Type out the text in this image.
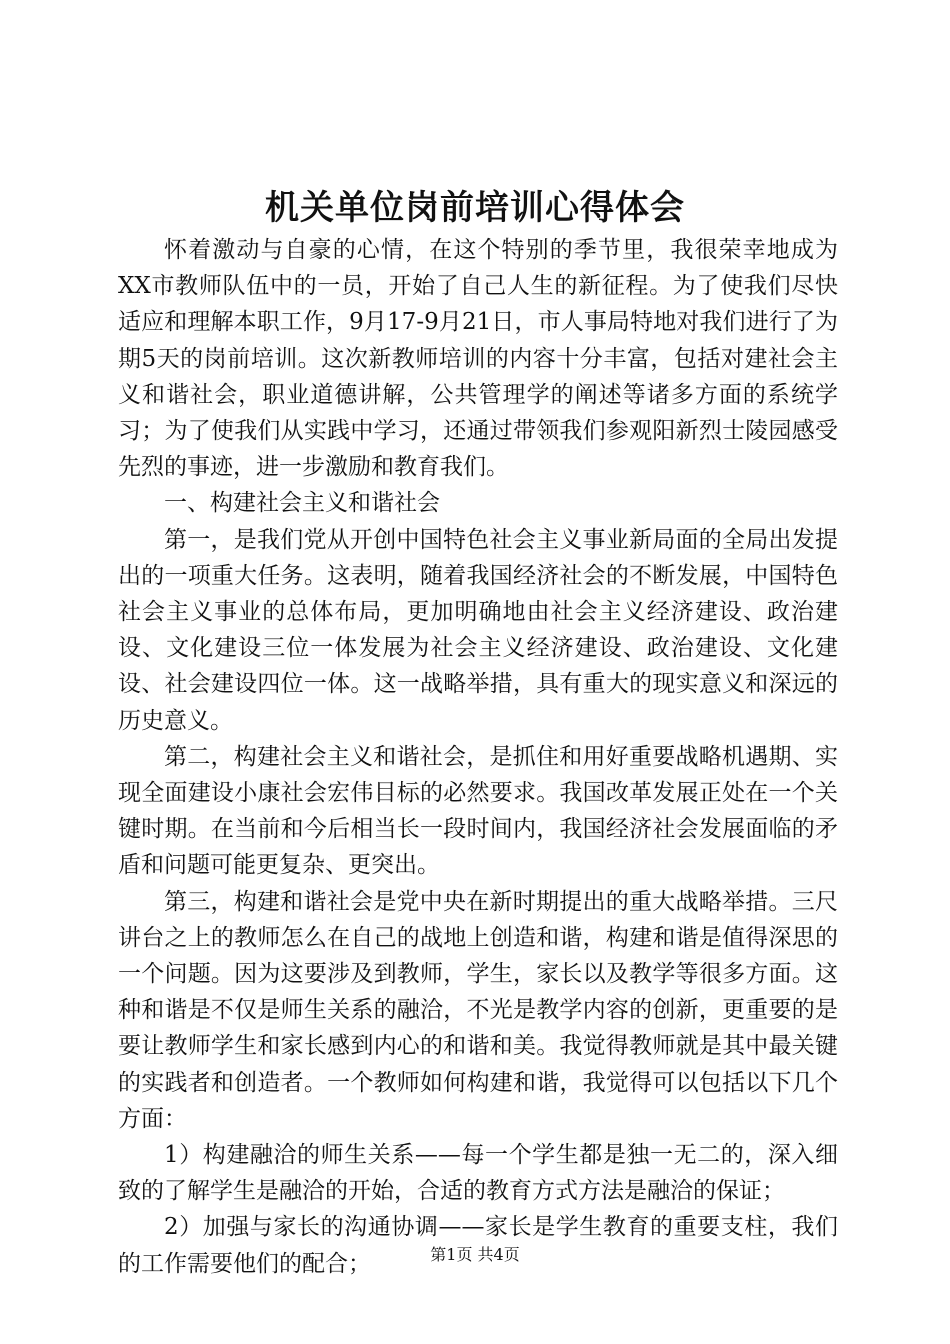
机关单位岗前培训心得体会

怀着激动与自豪的心情，在这个特别的季节里，我很荣幸地成为XX市教师队伍中的一员，开始了自己人生的新征程。为了使我们尽快适应和理解本职工作，9月17-9月21日，市人事局特地对我们进行了为期5天的岗前培训。这次新教师培训的内容十分丰富，包括对建社会主义和谐社会，职业道德讲解，公共管理学的阐述等诸多方面的系统学习；为了使我们从实践中学习，还通过带领我们参观阳新烈士陵园感受先烈的事迹，进一步激励和教育我们。

一、构建社会主义和谐社会

第一，是我们党从开创中国特色社会主义事业新局面的全局出发提出的一项重大任务。这表明，随着我国经济社会的不断发展，中国特色社会主义事业的总体布局，更加明确地由社会主义经济建设、政治建设、文化建设三位一体发展为社会主义经济建设、政治建设、文化建设、社会建设四位一体。这一战略举措，具有重大的现实意义和深远的历史意义。

第二，构建社会主义和谐社会，是抓住和用好重要战略机遇期、实现全面建设小康社会宏伟目标的必然要求。我国改革发展正处在一个关键时期。在当前和今后相当长一段时间内，我国经济社会发展面临的矛盾和问题可能更复杂、更突出。

第三，构建和谐社会是党中央在新时期提出的重大战略举措。三尺讲台之上的教师怎么在自己的战地上创造和谐，构建和谐是值得深思的一个问题。因为这要涉及到教师，学生，家长以及教学等很多方面。这种和谐是不仅是师生关系的融洽，不光是教学内容的创新，更重要的是要让教师学生和家长感到内心的和谐和美。我觉得教师就是其中最关键的实践者和创造者。一个教师如何构建和谐，我觉得可以包括以下几个方面：

1）构建融洽的师生关系——每一个学生都是独一无二的，深入细致的了解学生是融洽的开始，合适的教育方式方法是融洽的保证；

2）加强与家长的沟通协调——家长是学生教育的重要支柱，我们的工作需要他们的配合；	第1页 共4页
